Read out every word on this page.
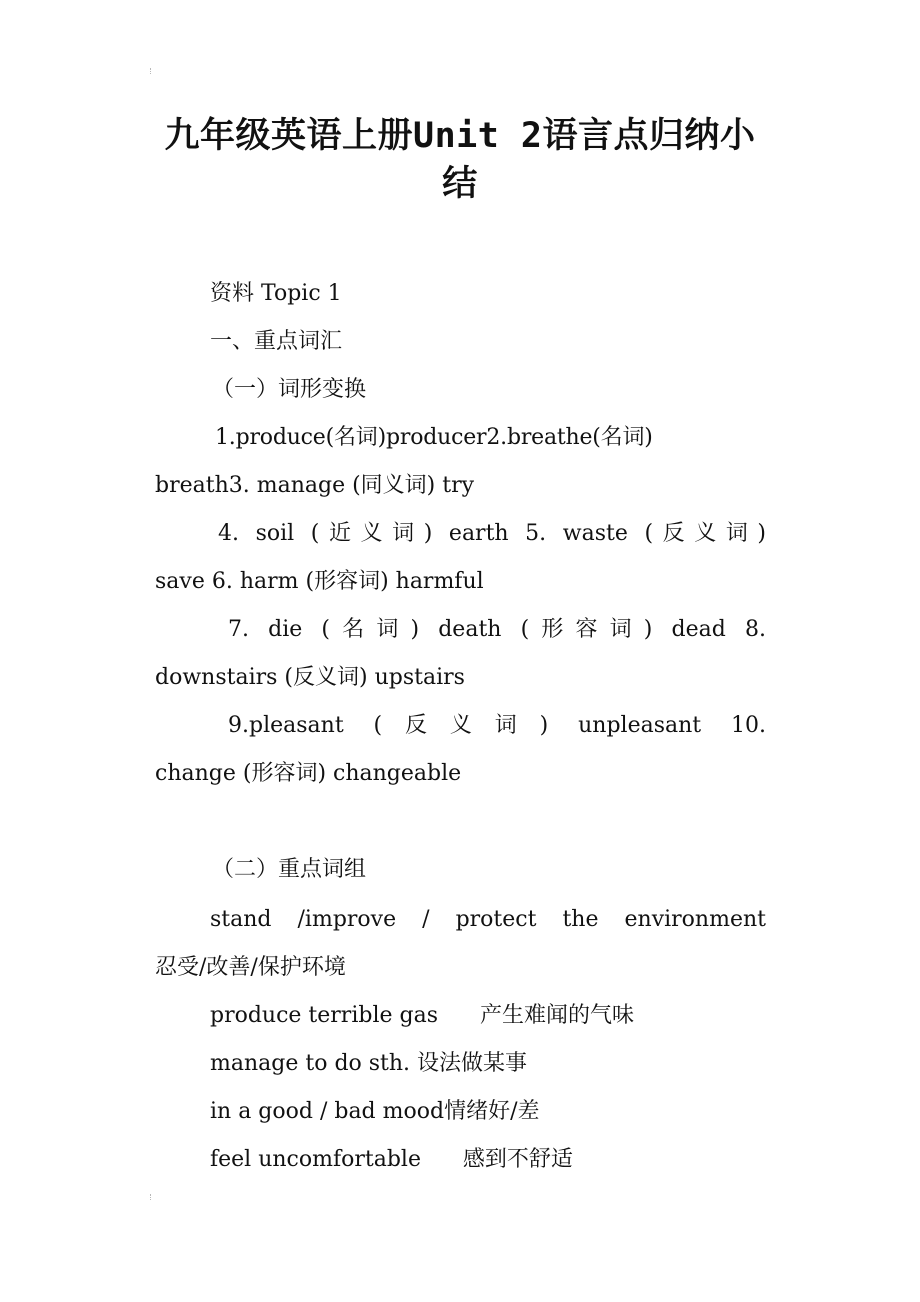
九年级英语上册Unit 2语言点归纳小
结
资料 Topic 1
一、重点词汇
（一）词形变换
1.produce(名词)producer2.breathe(名词)
breath3. manage (同义词) try
4. soil (近义词) earth 5. waste (反义词)
save 6. harm (形容词) harmful
7. die (名词) death (形容词) dead 8.
downstairs (反义词) upstairs
9.pleasant (反义词) unpleasant 10.
change (形容词) changeable
（二）重点词组
stand /improve / protect the environment
忍受/改善/保护环境
produce terrible gas      产生难闻的气味
manage to do sth. 设法做某事
in a good / bad mood情绪好/差
feel uncomfortable      感到不舒适
